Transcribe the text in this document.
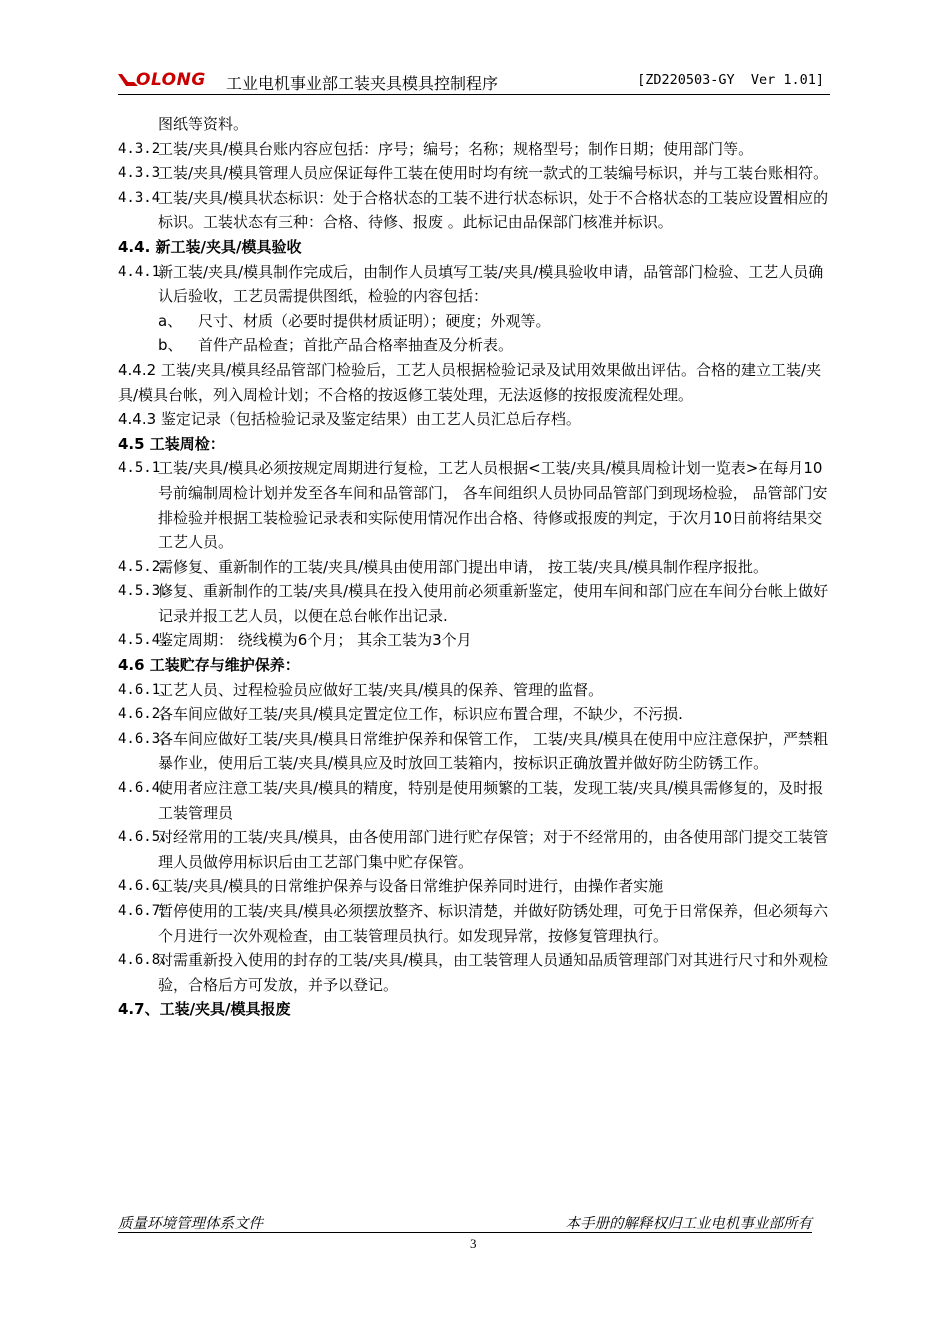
OLONG 工业电机事业部工装夹具模具控制程序	[ZD220503-GY  Ver 1.01]

图纸等资料。

4.3.2
工装/夹具/模具台账内容应包括：序号；编号；名称；规格型号；制作日期；使用部门等。

4.3.3
工装/夹具/模具管理人员应保证每件工装在使用时均有统一款式的工装编号标识，并与工装台账相符。

4.3.4
工装/夹具/模具状态标识：处于合格状态的工装不进行状态标识，处于不合格状态的工装应设置相应的标识。工装状态有三种：合格、待修、报废 。此标记由品保部门核准并标识。

4.4. 新工装/夹具/模具验收

4.4.1
新工装/夹具/模具制作完成后，由制作人员填写工装/夹具/模具验收申请，品管部门检验、工艺人员确认后验收，工艺员需提供图纸，检验的内容包括：

a、 尺寸、材质（必要时提供材质证明）；硬度；外观等。

b、 首件产品检查；首批产品合格率抽查及分析表。

4.4.2 工装/夹具/模具经品管部门检验后，工艺人员根据检验记录及试用效果做出评估。合格的建立工装/夹具/模具台帐，列入周检计划；不合格的按返修工装处理，无法返修的按报废流程处理。

4.4.3 鉴定记录（包括检验记录及鉴定结果）由工艺人员汇总后存档。

4.5 工装周检：

4.5.1
工装/夹具/模具必须按规定周期进行复检，工艺人员根据<工装/夹具/模具周检计划一览表>在每月10号前编制周检计划并发至各车间和品管部门， 各车间组织人员协同品管部门到现场检验， 品管部门安排检验并根据工装检验记录表和实际使用情况作出合格、待修或报废的判定，于次月10日前将结果交工艺人员。

4.5.2、
需修复、重新制作的工装/夹具/模具由使用部门提出申请， 按工装/夹具/模具制作程序报批。

4.5.3.
修复、重新制作的工装/夹具/模具在投入使用前必须重新鉴定，使用车间和部门应在车间分台帐上做好记录并报工艺人员，以便在总台帐作出记录.

4.5.4.
鉴定周期： 绕线模为6个月； 其余工装为3个月

4.6 工装贮存与维护保养：

4.6.1、
工艺人员、过程检验员应做好工装/夹具/模具的保养、管理的监督。

4.6.2、
各车间应做好工装/夹具/模具定置定位工作，标识应布置合理，不缺少，不污损.

4.6.3、
各车间应做好工装/夹具/模具日常维护保养和保管工作， 工装/夹具/模具在使用中应注意保护，严禁粗暴作业，使用后工装/夹具/模具应及时放回工装箱内，按标识正确放置并做好防尘防锈工作。

4.6.4、
使用者应注意工装/夹具/模具的精度，特别是使用频繁的工装，发现工装/夹具/模具需修复的，及时报工装管理员

4.6.5、
对经常用的工装/夹具/模具，由各使用部门进行贮存保管；对于不经常用的，由各使用部门提交工装管理人员做停用标识后由工艺部门集中贮存保管。

4.6.6、
工装/夹具/模具的日常维护保养与设备日常维护保养同时进行，由操作者实施

4.6.7、
暂停使用的工装/夹具/模具必须摆放整齐、标识清楚，并做好防锈处理，可免于日常保养，但必须每六个月进行一次外观检查，由工装管理员执行。如发现异常，按修复管理执行。

4.6.8、
对需重新投入使用的封存的工装/夹具/模具，由工装管理人员通知品质管理部门对其进行尺寸和外观检验，合格后方可发放，并予以登记。

4.7、工装/夹具/模具报废

质量环境管理体系文件	本手册的解释权归工业电机事业部所有
3
